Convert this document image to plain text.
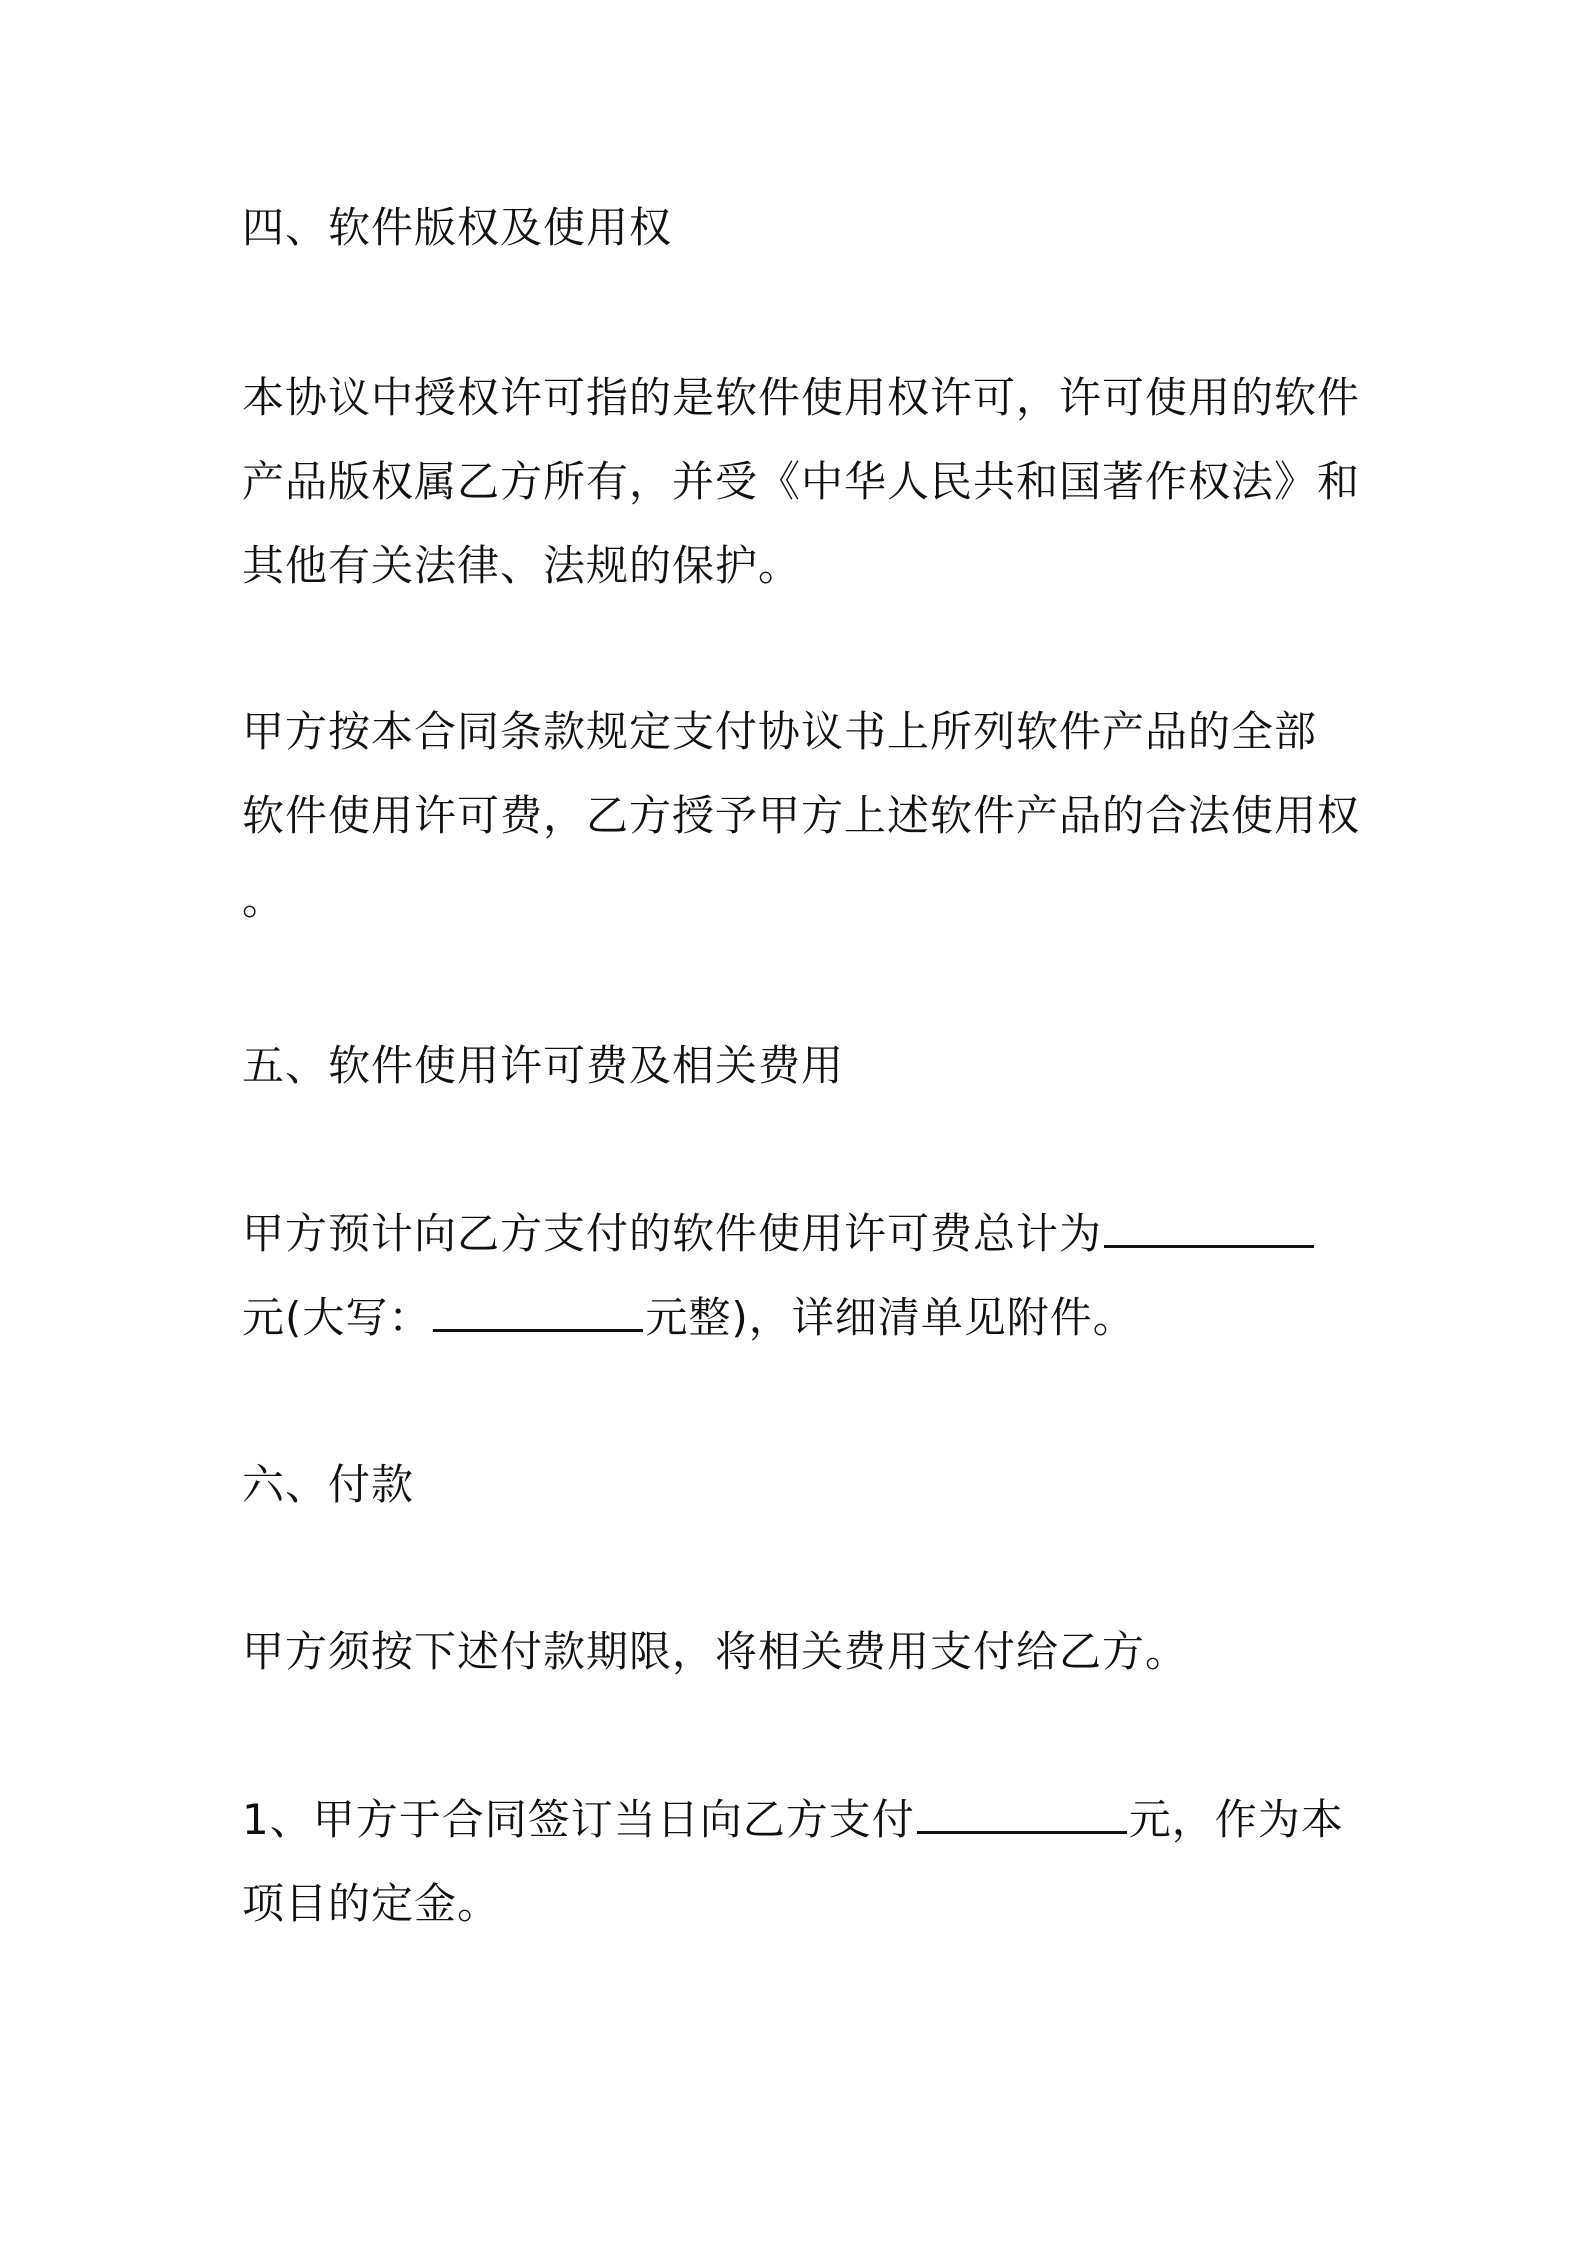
四、软件版权及使用权
本协议中授权许可指的是软件使用权许可，许可使用的软件
产品版权属乙方所有，并受《中华人民共和国著作权法》和
其他有关法律、法规的保护。
甲方按本合同条款规定支付协议书上所列软件产品的全部
软件使用许可费，乙方授予甲方上述软件产品的合法使用权
。
五、软件使用许可费及相关费用
甲方预计向乙方支付的软件使用许可费总计为
元(大写：	元整)，详细清单见附件。
六、付款
甲方须按下述付款期限，将相关费用支付给乙方。
1、甲方于合同签订当日向乙方支付	元，作为本
项目的定金。
